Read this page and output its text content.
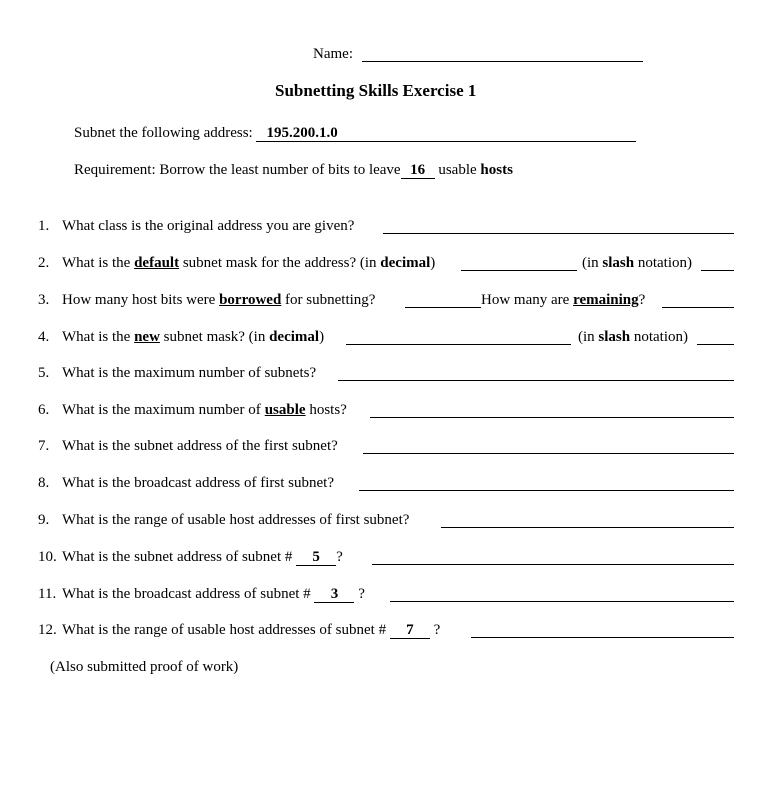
Name:
Subnetting Skills Exercise 1
Subnet the following address: 195.200.1.0
Requirement: Borrow the least number of bits to leave 16 usable hosts
1. What class is the original address you are given?
2. What is the default subnet mask for the address? (in decimal)	(in slash notation)
3. How many host bits were borrowed for subnetting?	How many are remaining?
4. What is the new subnet mask? (in decimal)	(in slash notation)
5. What is the maximum number of subnets?
6. What is the maximum number of usable hosts?
7. What is the subnet address of the first subnet?
8. What is the broadcast address of first subnet?
9. What is the range of usable host addresses of first subnet?
10. What is the subnet address of subnet # 5 ?
11. What is the broadcast address of subnet # 3 ?
12. What is the range of usable host addresses of subnet # 7 ?
(Also submitted proof of work)
